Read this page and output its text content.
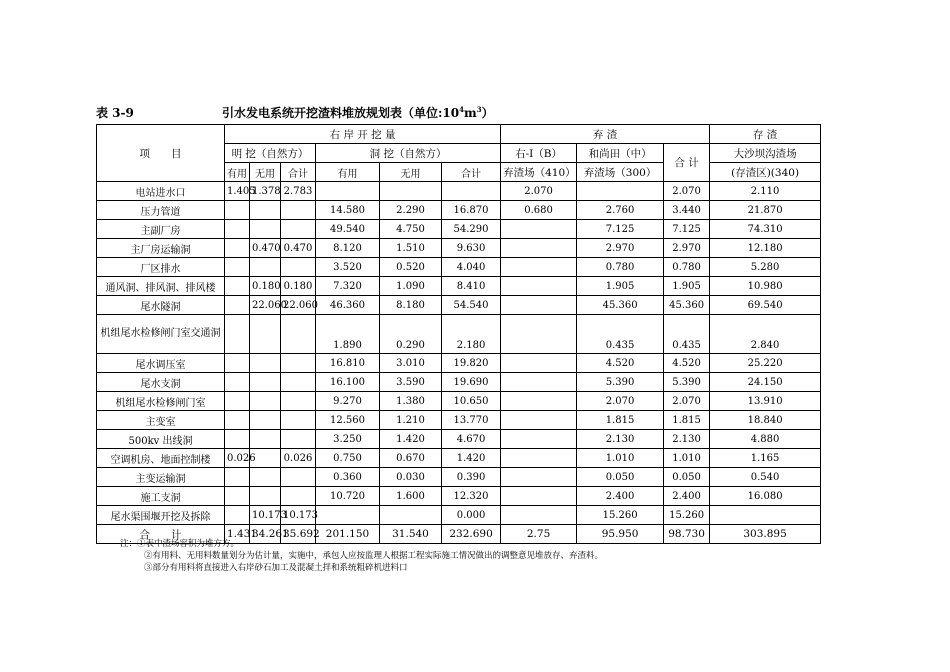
表 3-9	引水发电系统开挖渣料堆放规划表（单位$:10^4m^3$）
项　　目	右 岸 开 挖 量						弃 渣			存 渣
	明 挖（自然方）			洞 挖（自然方）			右-Ⅰ（B）	和尚田（中）	合 计	大沙坝沟渣场
	有用	无用	合计	有用	无用	合计	弃渣场（410）	弃渣场（300）		(存渣区)(340)
电站进水口	1.405	1.378	2.783				2.070		2.070	2.110
压力管道				14.580	2.290	16.870	0.680	2.760	3.440	21.870
主副厂房				49.540	4.750	54.290		7.125	7.125	74.310
主厂房运输洞		0.470	0.470	8.120	1.510	9.630		2.970	2.970	12.180
厂区排水				3.520	0.520	4.040		0.780	0.780	5.280
通风洞、排风洞、排风楼		0.180	0.180	7.320	1.090	8.410		1.905	1.905	10.980
尾水隧洞		22.060	22.060	46.360	8.180	54.540		45.360	45.360	69.540
机组尾水检修闸门室交通洞				1.890	0.290	2.180		0.435	0.435	2.840
尾水调压室				16.810	3.010	19.820		4.520	4.520	25.220
尾水支洞				16.100	3.590	19.690		5.390	5.390	24.150
机组尾水检修闸门室				9.270	1.380	10.650		2.070	2.070	13.910
主变室				12.560	1.210	13.770		1.815	1.815	18.840
500kv 出线洞				3.250	1.420	4.670		2.130	2.130	4.880
空调机房、地面控制楼	0.026		0.026	0.750	0.670	1.420		1.010	1.010	1.165
主变运输洞				0.360	0.030	0.390		0.050	0.050	0.540
施工支洞				10.720	1.600	12.320		2.400	2.400	16.080
尾水渠围堰开挖及拆除		10.173	10.173			0.000		15.260	15.260	
合　　计	1.431	34.261	35.692	201.150	31.540	232.690	2.75	95.950	98.730	303.895
注：①表中渣场容积为堆方方。
②有用料、无用料数量划分为估计量，实施中，承包人应按监理人根据工程实际施工情况做出的调整意见堆放存、弃渣料。
③部分有用料将直接进入右岸砂石加工及混凝土拌和系统粗碎机进料口
